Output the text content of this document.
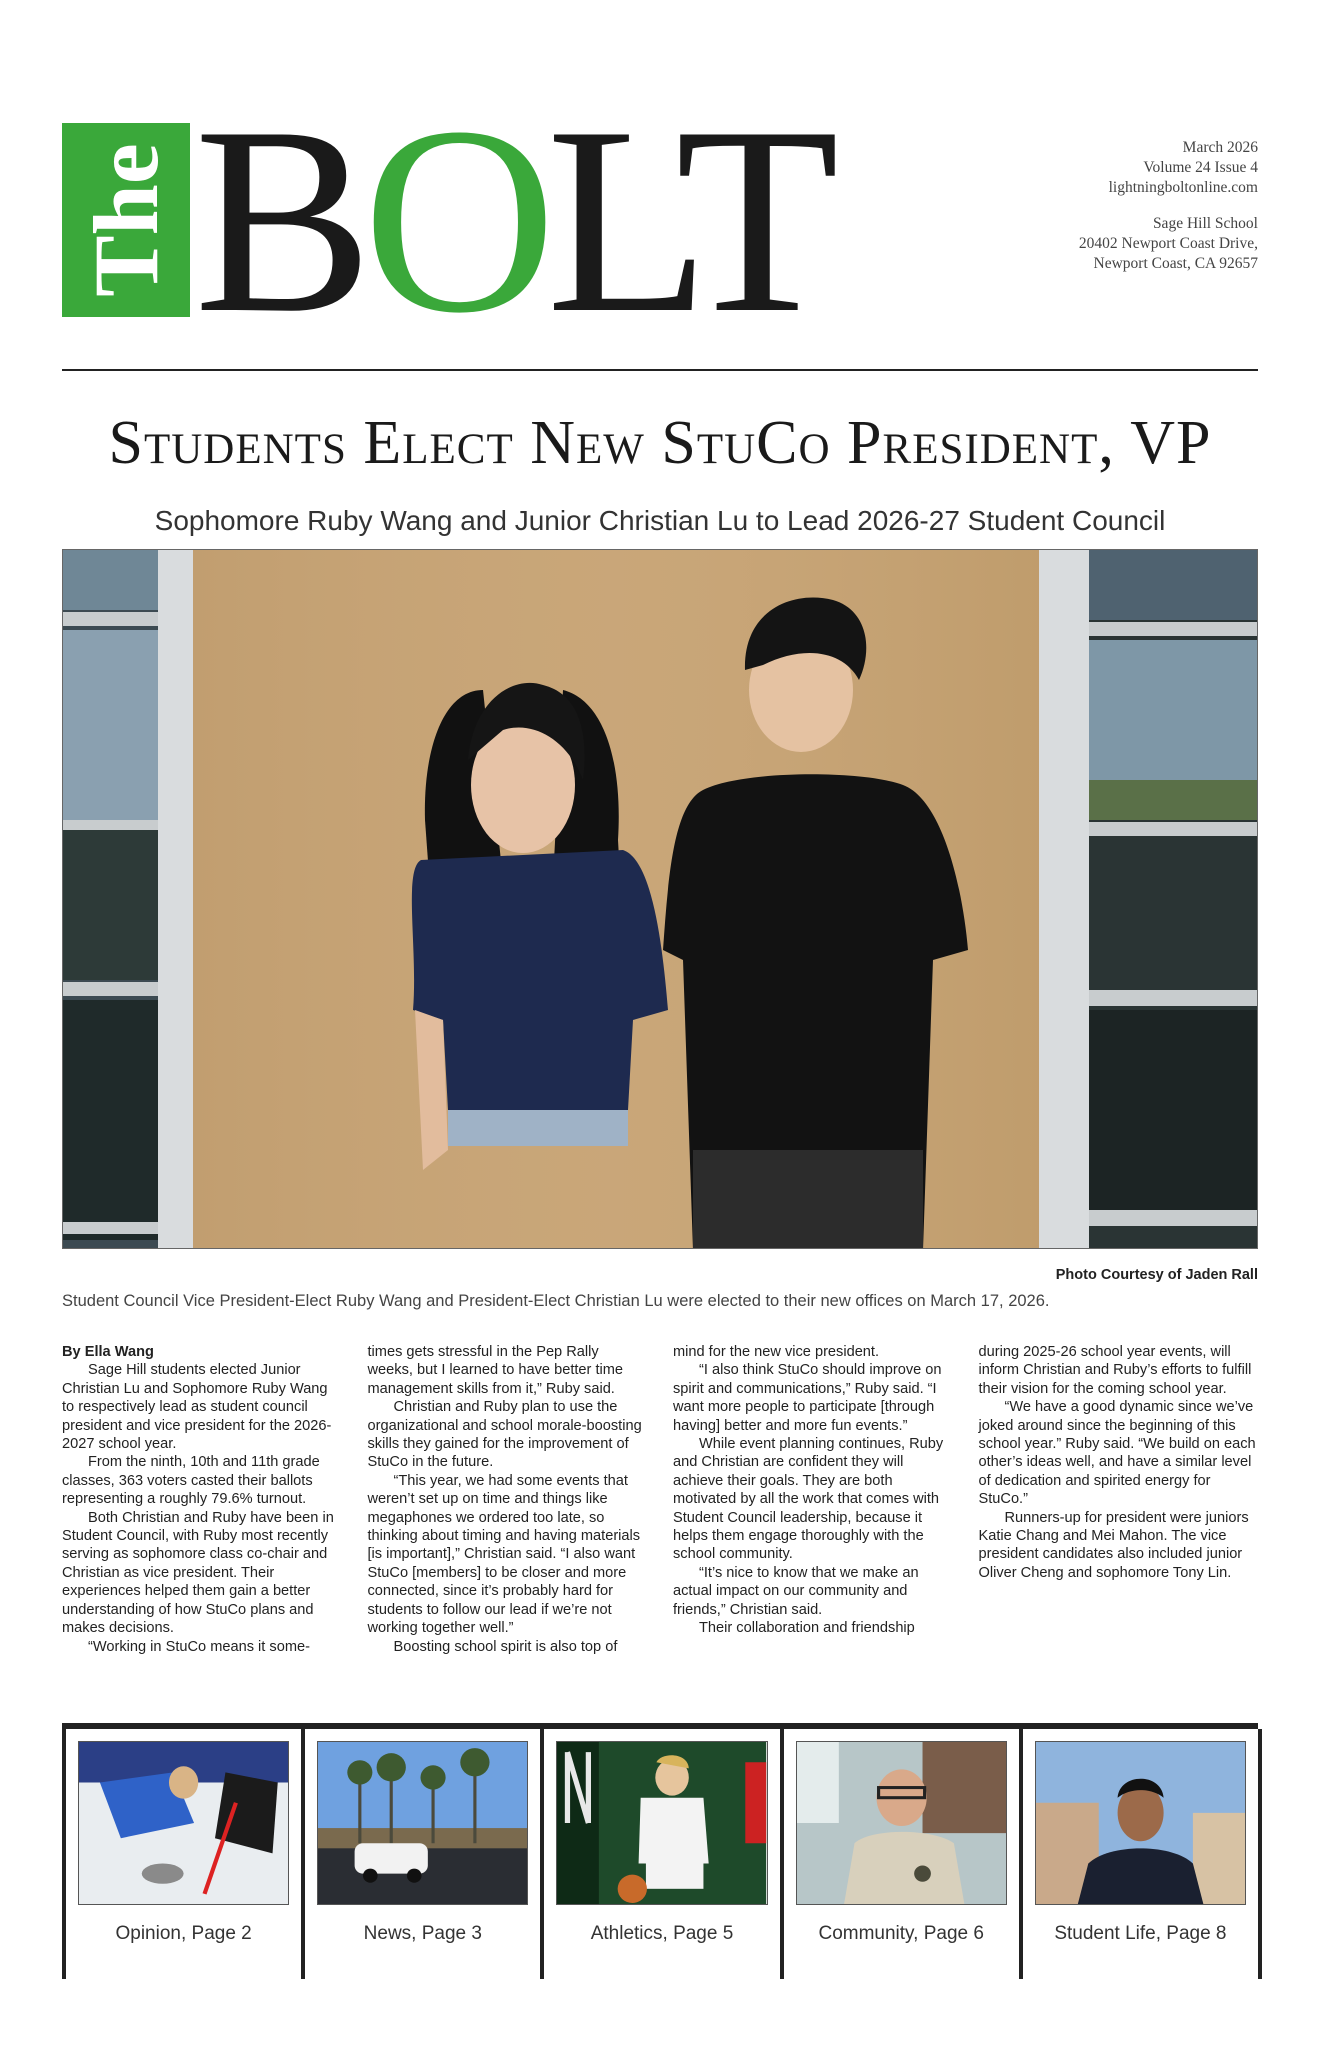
The BOLT	March 2026
Volume 24 Issue 4
lightningboltonline.com
Sage Hill School
20402 Newport Coast Drive,
Newport Coast, CA 92657
Students Elect New StuCo President, VP
Sophomore Ruby Wang and Junior Christian Lu to Lead 2026-27 Student Council
Photo Courtesy of Jaden Rall
Student Council Vice President-Elect Ruby Wang and President-Elect Christian Lu were elected to their new offices on March 17, 2026.
By Ella Wang

Sage Hill students elected Junior Christian Lu and Sophomore Ruby Wang to respectively lead as student council president and vice president for the 2026-2027 school year.

From the ninth, 10th and 11th grade classes, 363 voters casted their ballots representing a roughly 79.6% turnout.

Both Christian and Ruby have been in Student Council, with Ruby most recently serving as sophomore class co-chair and Christian as vice president. Their experiences helped them gain a better understanding of how StuCo plans and makes decisions.

“Working in StuCo means it some-

times gets stressful in the Pep Rally weeks, but I learned to have better time management skills from it,” Ruby said.

Christian and Ruby plan to use the organizational and school morale-boosting skills they gained for the improvement of StuCo in the future.

“This year, we had some events that weren’t set up on time and things like megaphones we ordered too late, so thinking about timing and having materials [is important],” Christian said. “I also want StuCo [members] to be closer and more connected, since it’s probably hard for students to follow our lead if we’re not working together well.”

Boosting school spirit is also top of

mind for the new vice president.

“I also think StuCo should improve on spirit and communications,” Ruby said. “I want more people to participate [through having] better and more fun events.”

While event planning continues, Ruby and Christian are confident they will achieve their goals. They are both motivated by all the work that comes with Student Council leadership, because it helps them engage thoroughly with the school community.

“It’s nice to know that we make an actual impact on our community and friends,” Christian said.

Their collaboration and friendship

during 2025-26 school year events, will inform Christian and Ruby’s efforts to fulfill their vision for the coming school year.

“We have a good dynamic since we’ve joked around since the beginning of this school year.” Ruby said. “We build on each other’s ideas well, and have a similar level of dedication and spirited energy for StuCo.”

Runners-up for president were juniors Katie Chang and Mei Mahon. The vice president candidates also included junior Oliver Cheng and sophomore Tony Lin.

Opinion, Page 2	News, Page 3	Athletics, Page 5	Community, Page 6	Student Life, Page 8
